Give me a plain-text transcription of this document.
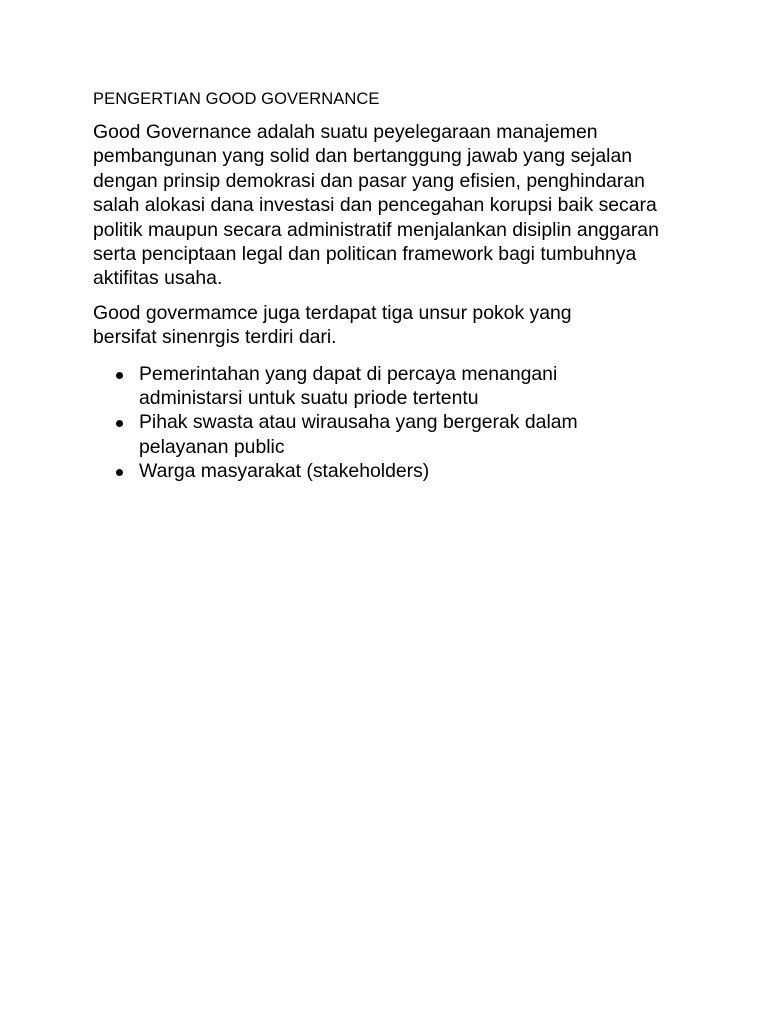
PENGERTIAN GOOD GOVERNANCE

Good Governance adalah suatu peyelegaraan manajemen pembangunan yang solid dan bertanggung jawab yang sejalan dengan prinsip demokrasi dan pasar yang efisien, penghindaran salah alokasi dana investasi dan pencegahan korupsi baik secara politik maupun secara administratif menjalankan disiplin anggaran serta penciptaan legal dan politican framework bagi tumbuhnya aktifitas usaha.

Good govermamce juga terdapat tiga unsur pokok yang bersifat sinenrgis terdiri dari.

Pemerintahan yang dapat di percaya menangani administarsi untuk suatu priode tertentu
Pihak swasta atau wirausaha yang bergerak dalam pelayanan public
Warga masyarakat (stakeholders)
